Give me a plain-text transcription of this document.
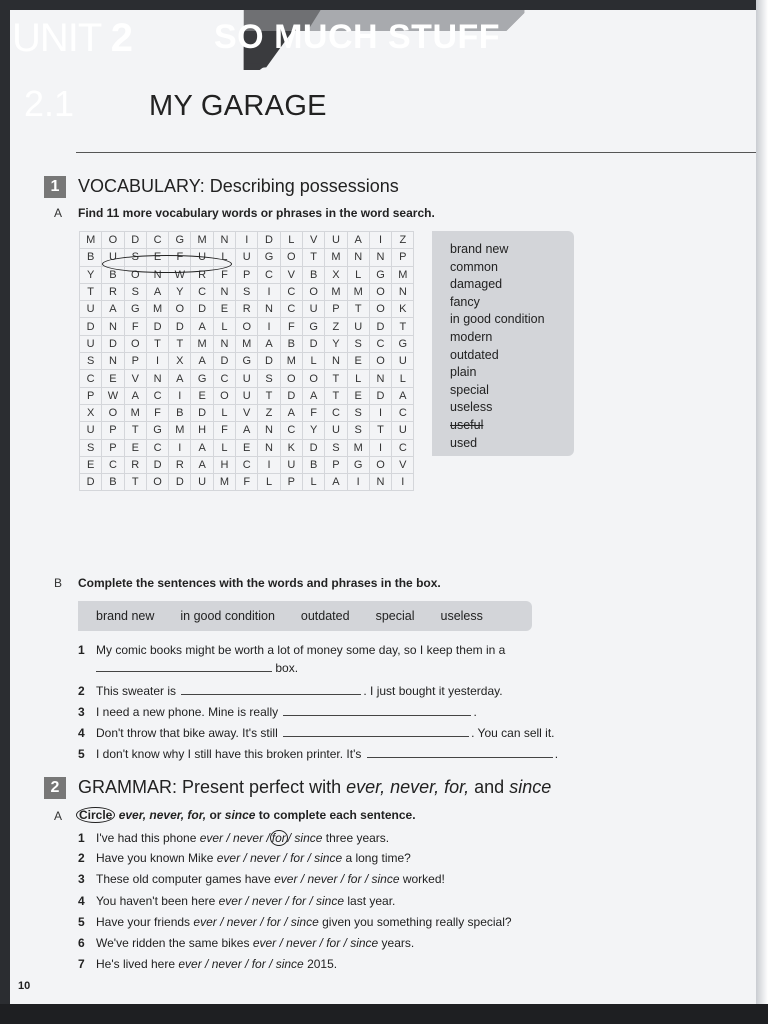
UNIT 2 SO MUCH STUFF
2.1	MY GARAGE
1	VOCABULARY: Describing possessions
A Find 11 more vocabulary words or phrases in the word search.
M	O	D	C	G	M	N	I	D	L	V	U	A	I	Z
B	U	S	E	F	U	L	U	G	O	T	M	N	N	P
Y	B	O	N	W	R	F	P	C	V	B	X	L	G	M
T	R	S	A	Y	C	N	S	I	C	O	M	M	O	N
U	A	G	M	O	D	E	R	N	C	U	P	T	O	K
D	N	F	D	D	A	L	O	I	F	G	Z	U	D	T
U	D	O	T	T	M	N	M	A	B	D	Y	S	C	G
S	N	P	I	X	A	D	G	D	M	L	N	E	O	U
C	E	V	N	A	G	C	U	S	O	O	T	L	N	L
P	W	A	C	I	E	O	U	T	D	A	T	E	D	A
X	O	M	F	B	D	L	V	Z	A	F	C	S	I	C
U	P	T	G	M	H	F	A	N	C	Y	U	S	T	U
S	P	E	C	I	A	L	E	N	K	D	S	M	I	C
E	C	R	D	R	A	H	C	I	U	B	P	G	O	V
D	B	T	O	D	U	M	F	L	P	L	A	I	N	I
brand new
common
damaged
fancy
in good condition
modern
outdated
plain
special
useless
useful
used
B Complete the sentences with the words and phrases in the box.
brand new in good condition outdated special useless
1 My comic books might be worth a lot of money some day, so I keep them in a
box.
2 This sweater is	. I just bought it yesterday.
3 I need a new phone. Mine is really	.
4 Don't throw that bike away. It's still	. You can sell it.
5 I don't know why I still have this broken printer. It's	.
2	GRAMMAR: Present perfect with ever, never, for, and since
A Circle ever, never, for, or since to complete each sentence.
1 I've had this phone ever / never / for / since three years.
2 Have you known Mike ever / never / for / since a long time?
3 These old computer games have ever / never / for / since worked!
4 You haven't been here ever / never / for / since last year.
5 Have your friends ever / never / for / since given you something really special?
6 We've ridden the same bikes ever / never / for / since years.
7 He's lived here ever / never / for / since 2015.
10
